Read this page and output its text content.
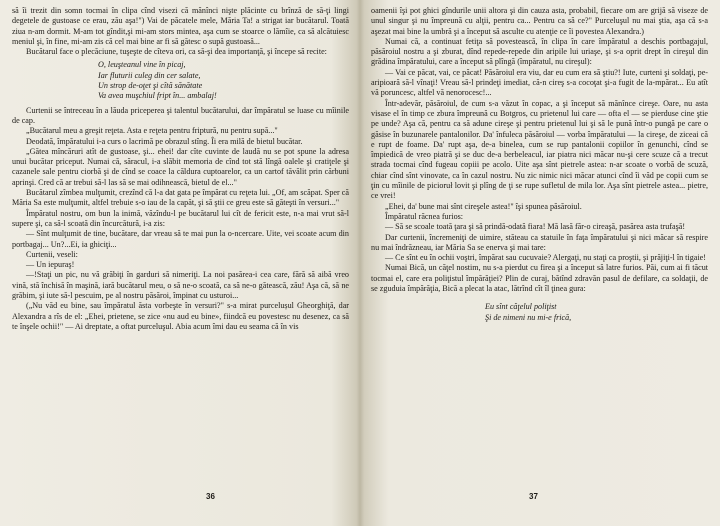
să îi trezit din somn tocmai în clipa cînd visezi că mănînci nişte plăcinte cu brînză de să-ţi lingi degetele de gustoase ce erau, zău aşa!") Vai de păcatele mele, Măria Ta! a strigat iar bucătarul. Toată ziua n-am dormit. M-am tot gîndit,şi mi-am stors mintea, aşa cum se stoarce o lămîie, ca să alcătuiesc meniul şi, în fine, mi-am zis că cel mai bine ar fi să gătesc o supă gustoasă...

Bucătarul face o plecăciune, tuşeşte de cîteva ori, ca să-şi dea importanţă, şi începe să recite:

O, leuşteanul vine în picaj,
Iar fluturii culeg din cer salate,
Un strop de-oţet şi cîtă sănătate
Va avea muşchiul fript în... ambalaj!

Curtenii se întreceau în a lăuda priceperea şi talentul bucătarului, dar împăratul se luase cu mîinile de cap.

„Bucătarul meu a greşit reţeta. Asta e reţeta pentru friptură, nu pentru supă..."

Deodată, împăratului i-a curs o lacrimă pe obrazul stîng. Îi era milă de bietul bucătar.

„Gătea mîncăruri atît de gustoase, şi... ehei! dar cîte cuvinte de laudă nu se pot spune la adresa unui bucătar priceput. Numai că, săracul, i-a slăbit memoria de cînd tot stă lîngă oalele şi cratiţele şi cazanele sale pentru ciorbă şi de cînd se coace la căldura cuptoarelor, ca un cartof tăvălit prin cărbuni aprinşi. Cred că ar trebui să-l las să se mai odihnească, bietul de el..."

Bucătarul zîmbea mulţumit, crezînd că l-a dat gata pe împărat cu reţeta lui. „Of, am scăpat. Sper că Măria Sa este mulţumit, altfel trebuie s-o iau de la capăt, şi să ştii ce greu este să găteşti în versuri..."

Împăratul nostru, om bun la inimă, văzîndu-l pe bucătarul lui cît de fericit este, n-a mai vrut să-l supere şi, ca să-l scoată din încurcătură, i-a zis:

— Sînt mulţumit de tine, bucătare, dar vreau să te mai pun la o-ncercare. Uite, vei scoate acum din portbagaj... Un?...Ei, ia ghiciţi...

Curtenii, veseli:

— Un iepuraş!

—!Staţi un pic, nu vă grăbiţi în garduri să nimeriţi. La noi pasărea-i cea care, fără să aibă vreo vină, stă închisă în maşină, iară bucătarul meu, o să ne-o scoată, ca să ne-o gătească, zău! Aşa că, să ne grăbim, şi iute să-l pescuim, pe al nostru păsăroi, împinat cu usturoi...

(„Nu văd eu bine, sau împăratul ăsta vorbeşte în versuri?" s-a mirat purcelușul Gheorghiţă, dar Alexandra a rîs de el: „Ehei, prietene, se zice «nu aud eu bine», fiindcă eu povestesc nu desenez, ca să te înşele ochii!" — Ai dreptate, a oftat purceluşul. Abia acum îmi dau eu seama că în vis

36

oamenii îşi pot ghici gîndurile unii altora şi din cauza asta, probabil, fiecare om are grijă să viseze de unul singur şi nu împreună cu alţii, pentru ca... Pentru ca să ce?" Purceluşul nu mai ştia, aşa că s-a aşezat mai bine la umbră şi a început să asculte cu atenţie ce îi povestea Alexandra.)

Numai că, a continuat fetiţa să povestească, în clipa în care împăratul a deschis portbagajul, păsăroiul nostru a şi zburat, dînd repede-repede din aripile lui uriaşe, şi s-a oprit drept în cireşul din grădina împăratului, care a început să plîngă (împăratul, nu cireşul):

— Vai ce păcat, vai, ce păcat! Păsăroiul era viu, dar eu cum era să ştiu?! Iute, curteni şi soldaţi, pe-aripioară să-l vînaţi! Vreau să-l prindeţi imediat, că-n cireş s-a cocoţat şi-a fugit de la-mpărat... Eu atît vă poruncesc, altfel vă nenorocesc!...

Într-adevăr, păsăroiul, de cum s-a văzut în copac, a şi început să mănînce cireşe. Oare, nu asta visase el în timp ce zbura împreună cu Botgros, cu prietenul lui care — ofta el — se pierduse cine ştie pe unde? Aşa că, pentru ca să adune cireşe şi pentru prietenul lui şi să le pună într-o pungă pe care o găsise în buzunarele pantalonilor. Da' înfuleca păsăroiul — vorba împăratului — la cireşe, de ziceai că e rupt de foame. Da' rupt aşa, de-a binelea, cum se rup pantalonii copiilor în genunchi, cînd se împiedică de vreo piatră şi se duc de-a berbeleacul, iar piatra nici măcar nu-şi cere scuze că a trecut strada tocmai cînd fugeau copiii pe acolo. Uite aşa sînt pietrele astea: n-ar scoate o vorbă de scuză, chiar cînd sînt vinovate, ca în cazul nostru. Nu zic nimic nici măcar atunci cînd îi văd pe copii cum se ţin cu mîinile de picioruł lovit şi plîng de ţi se rupe sufletul de mila lor. Aşa sînt pietrele astea... pietre, ce vrei!

„Ehei, da' bune mai sînt cireşele astea!" îşi spunea păsăroiul.

Împăratul răcnea furios:

— Să se scoale toată ţara şi să prindă-odată fiara! Mă lasă făr-o cireaşă, pasărea asta trufaşă!

Dar curtenii, încremeniţi de uimire, stăteau ca statuile în faţa împăratului şi nici măcar să respire nu mai îndrăzneau, iar Măria Sa se enerva şi mai tare:

— Ce sînt eu în ochii voştri, împărat sau cucuvaie? Alergaţi, nu staţi ca proştii, şi prăjiţi-l în tigaie!

Numai Bică, un căţel nostim, nu s-a pierdut cu firea şi a început să latre furios. Păi, cum ai fi tăcut tocmai el, care era poliţistul împărăţiei? Plin de curaj, bătînd zdravăn pasul de defilare, ca soldaţii, de se zguduia împărăţia, Bică a plecat la atac, lătrînd cît îl ţinea gura:

Eu sînt căţelul poliţist
Şi de nimeni nu mi-e frică,
37
